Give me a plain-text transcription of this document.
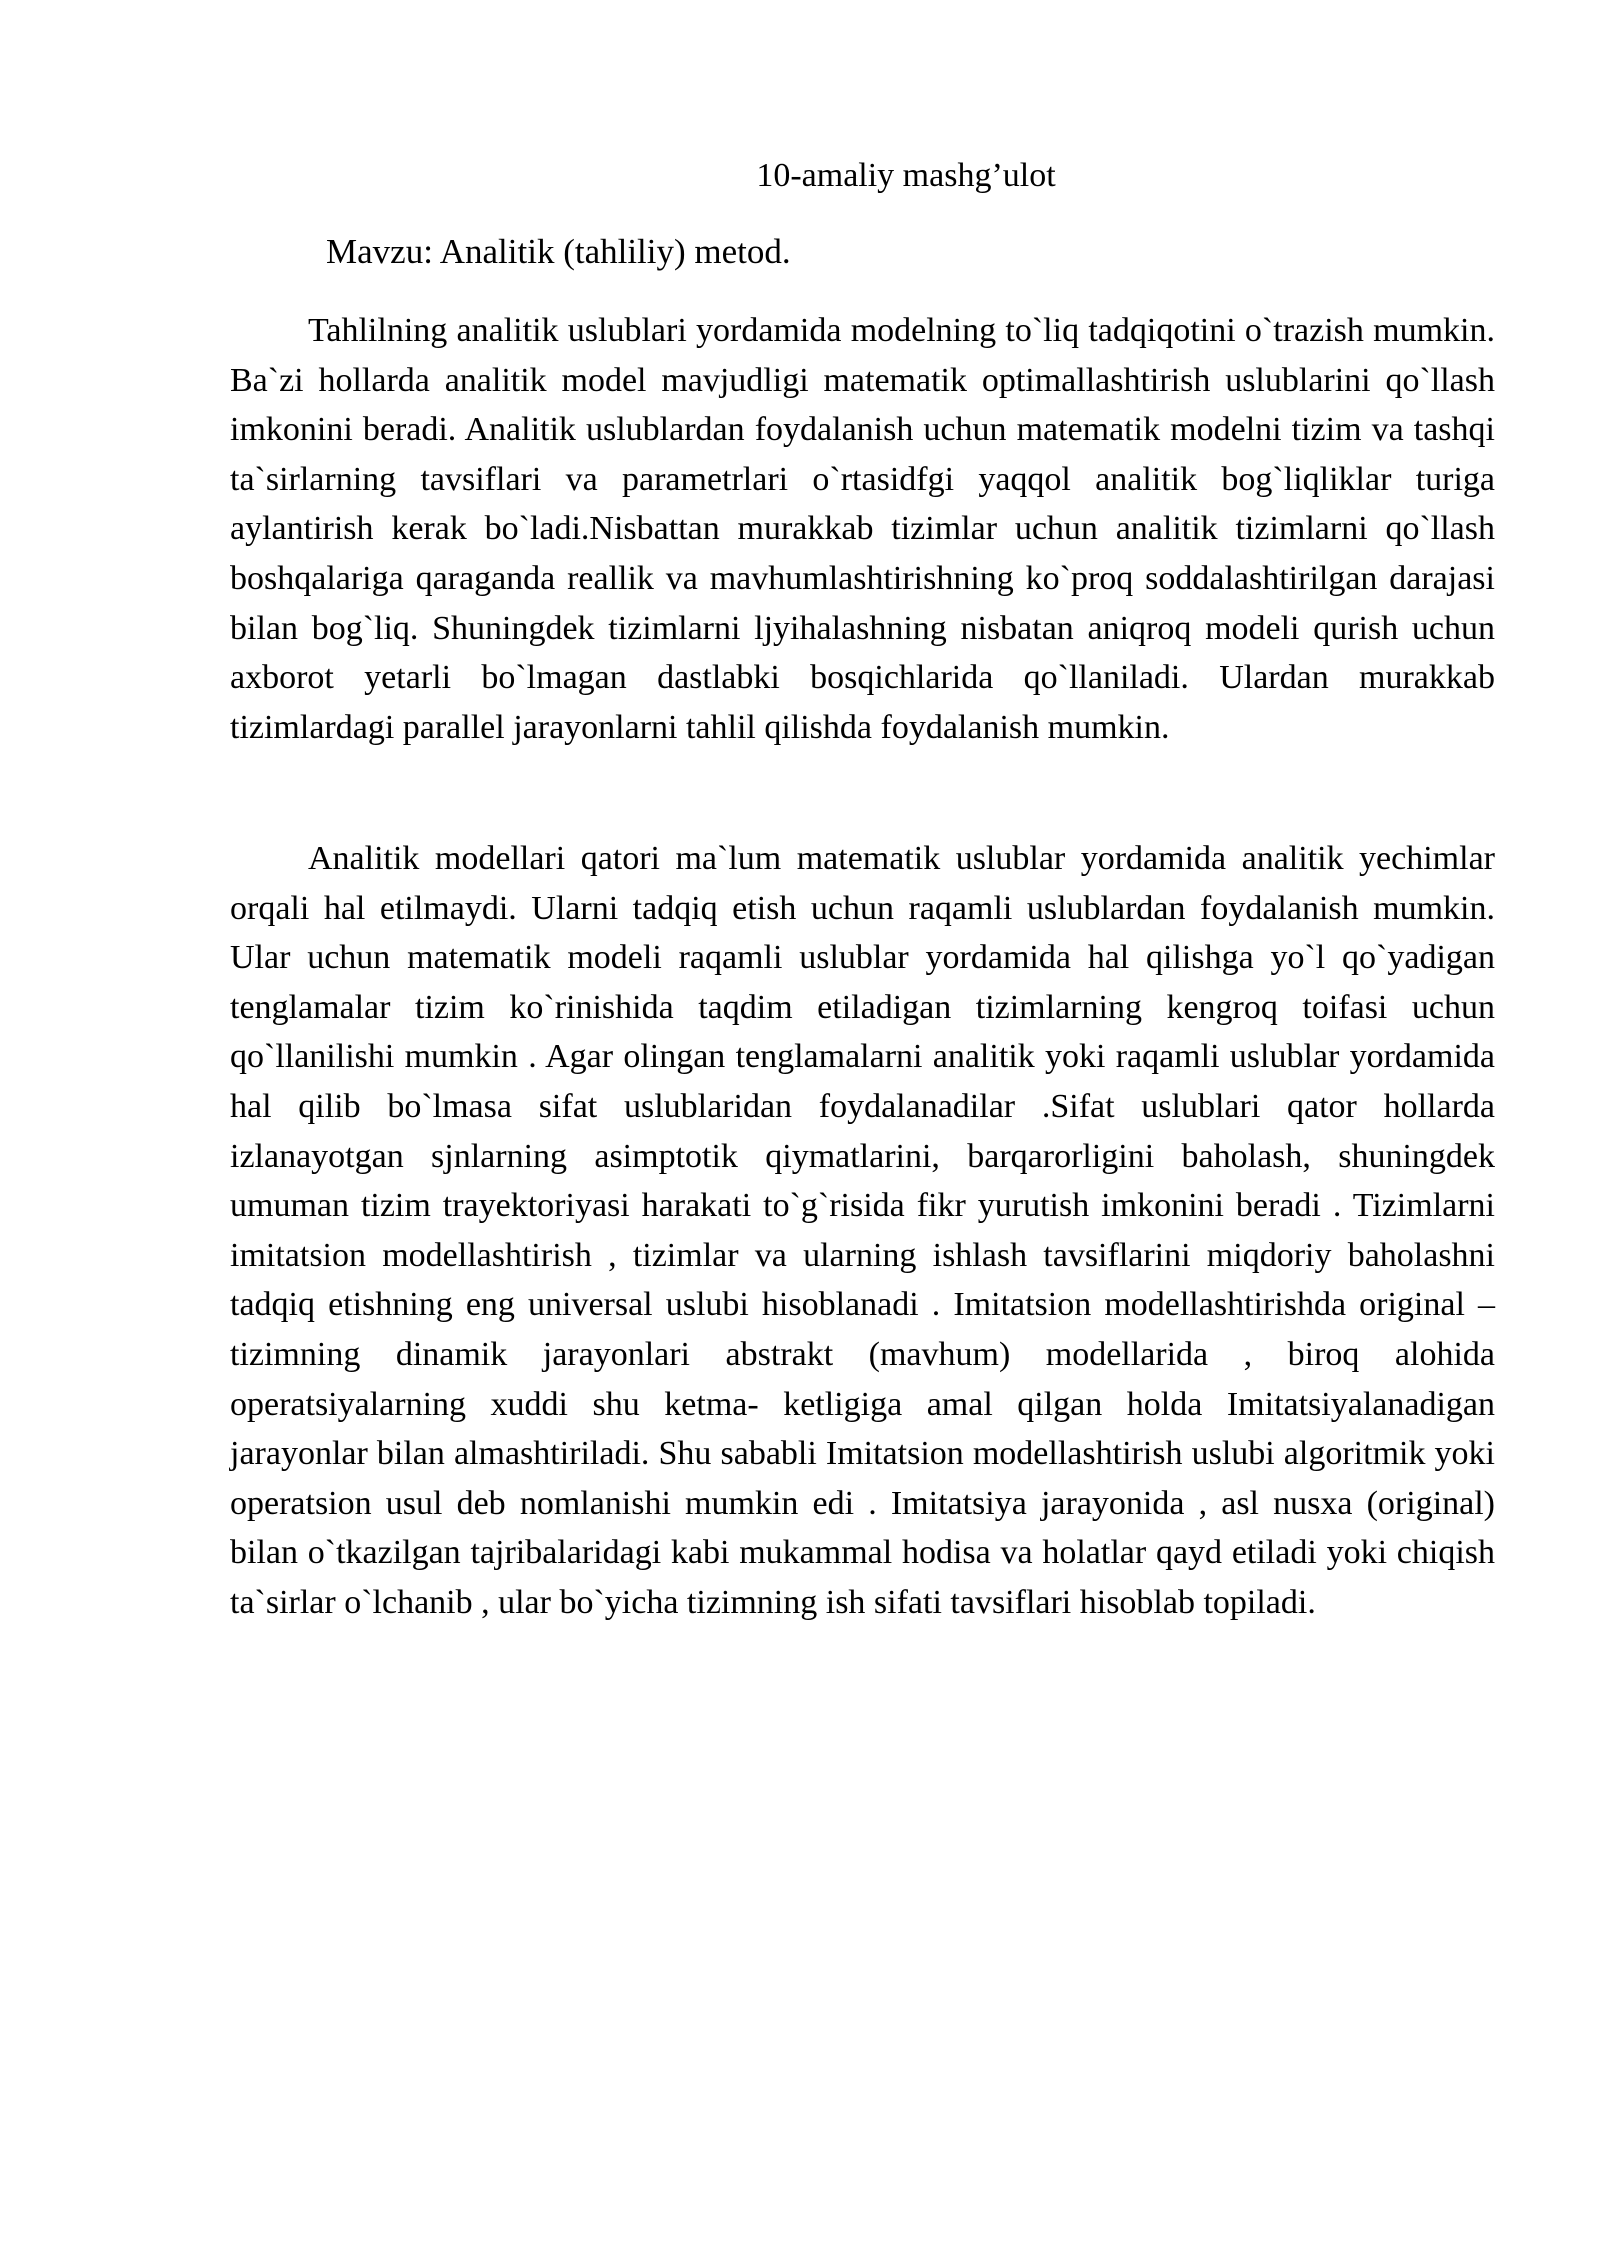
10-amaliy mashg’ulot

Mavzu: Analitik (tahliliy) metod.

Tahlilning analitik uslublari yordamida modelning to`liq tadqiqotini o`trazish mumkin. Ba`zi hollarda analitik model mavjudligi matematik optimallashtirish uslublarini qo`llash imkonini beradi. Analitik uslublardan foydalanish uchun matematik modelni tizim va tashqi ta`sirlarning tavsiflari va parametrlari o`rtasidfgi yaqqol analitik bog`liqliklar turiga aylantirish kerak bo`ladi.Nisbattan murakkab tizimlar uchun analitik tizimlarni qo`llash boshqalariga qaraganda reallik va mavhumlashtirishning ko`proq soddalashtirilgan darajasi bilan bog`liq. Shuningdek tizimlarni ljyihalashning nisbatan aniqroq modeli qurish uchun axborot yetarli bo`lmagan dastlabki bosqichlarida qo`llaniladi. Ulardan murakkab tizimlardagi parallel jarayonlarni tahlil qilishda foydalanish mumkin.

Analitik modellari qatori ma`lum matematik uslublar yordamida analitik yechimlar orqali hal etilmaydi. Ularni tadqiq etish uchun raqamli uslublardan foydalanish mumkin. Ular uchun matematik modeli raqamli uslublar yordamida hal qilishga yo`l qo`yadigan tenglamalar tizim ko`rinishida taqdim etiladigan tizimlarning kengroq toifasi uchun qo`llanilishi mumkin . Agar olingan tenglamalarni analitik yoki raqamli uslublar yordamida hal qilib bo`lmasa sifat uslublaridan foydalanadilar .Sifat uslublari qator hollarda izlanayotgan sjnlarning asimptotik qiymatlarini, barqarorligini baholash, shuningdek umuman tizim trayektoriyasi harakati to`g`risida fikr yurutish imkonini beradi . Tizimlarni imitatsion modellashtirish , tizimlar va ularning ishlash tavsiflarini miqdoriy baholashni tadqiq etishning eng universal uslubi hisoblanadi . Imitatsion modellashtirishda original – tizimning dinamik jarayonlari abstrakt (mavhum) modellarida , biroq alohida operatsiyalarning xuddi shu ketma- ketligiga amal qilgan holda Imitatsiyalanadigan jarayonlar bilan almashtiriladi. Shu sababli Imitatsion modellashtirish uslubi algoritmik yoki operatsion usul deb nomlanishi mumkin edi . Imitatsiya jarayonida , asl nusxa (original) bilan o`tkazilgan tajribalaridagi kabi mukammal hodisa va holatlar qayd etiladi yoki chiqish ta`sirlar o`lchanib , ular bo`yicha tizimning ish sifati tavsiflari hisoblab topiladi.
